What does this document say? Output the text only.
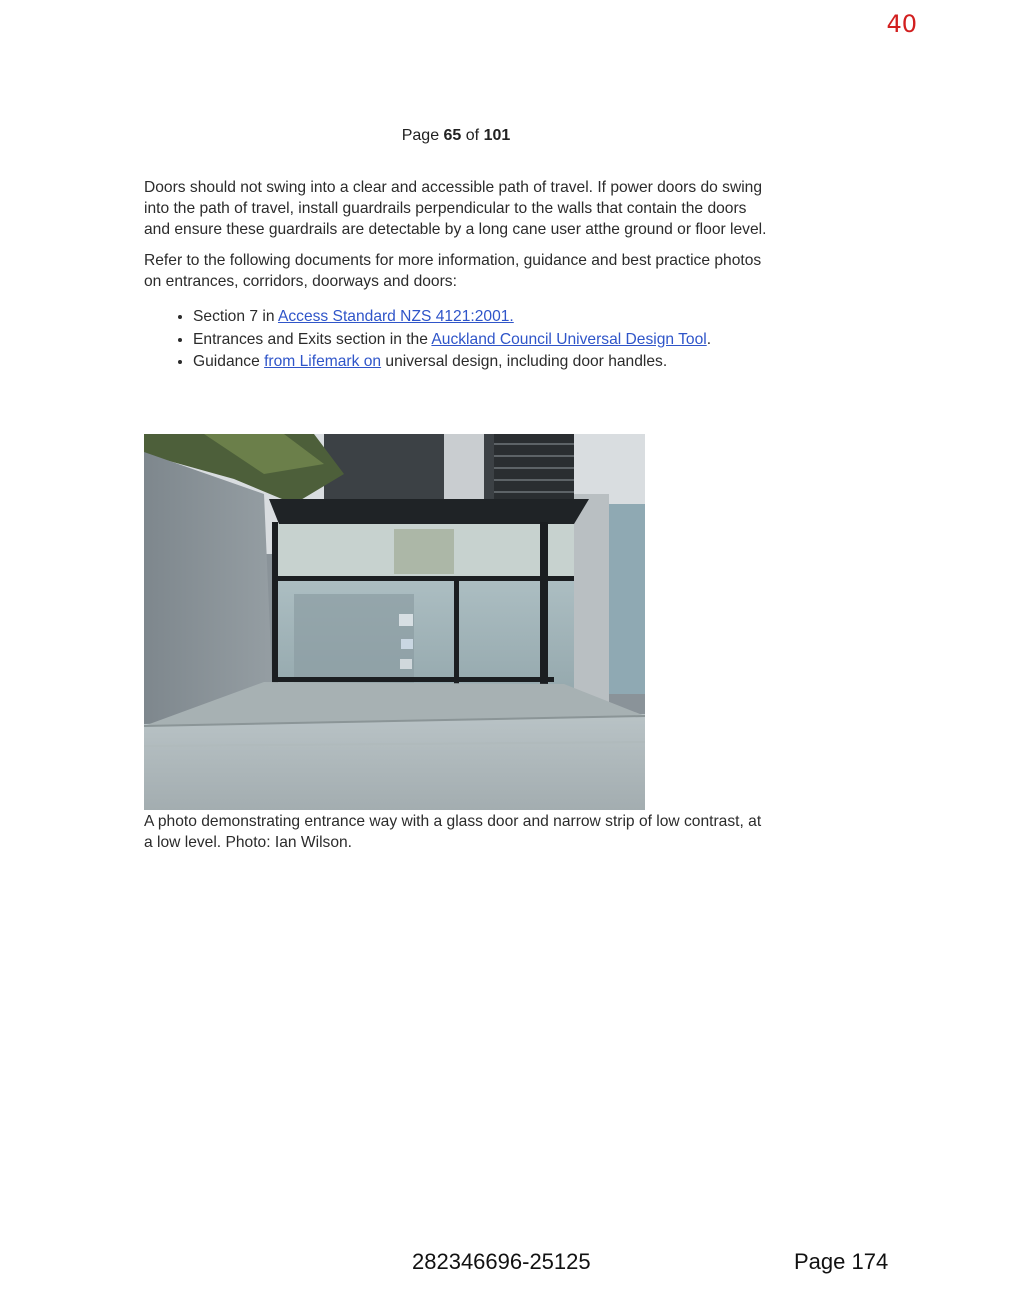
40
Page 65 of 101

Doors should not swing into a clear and accessible path of travel. If power doors do swing into the path of travel, install guardrails perpendicular to the walls that contain the doors and ensure these guardrails are detectable by a long cane user atthe ground or floor level.

Refer to the following documents for more information, guidance and best practice photos on entrances, corridors, doorways and doors:

• Section 7 in Access Standard NZS 4121:2001.
• Entrances and Exits section in the Auckland Council Universal Design Tool.
• Guidance from Lifemark on universal design, including door handles.
A photo demonstrating entrance way with a glass door and narrow strip of low contrast, at a low level. Photo: Ian Wilson.
282346696-25125	Page 174
